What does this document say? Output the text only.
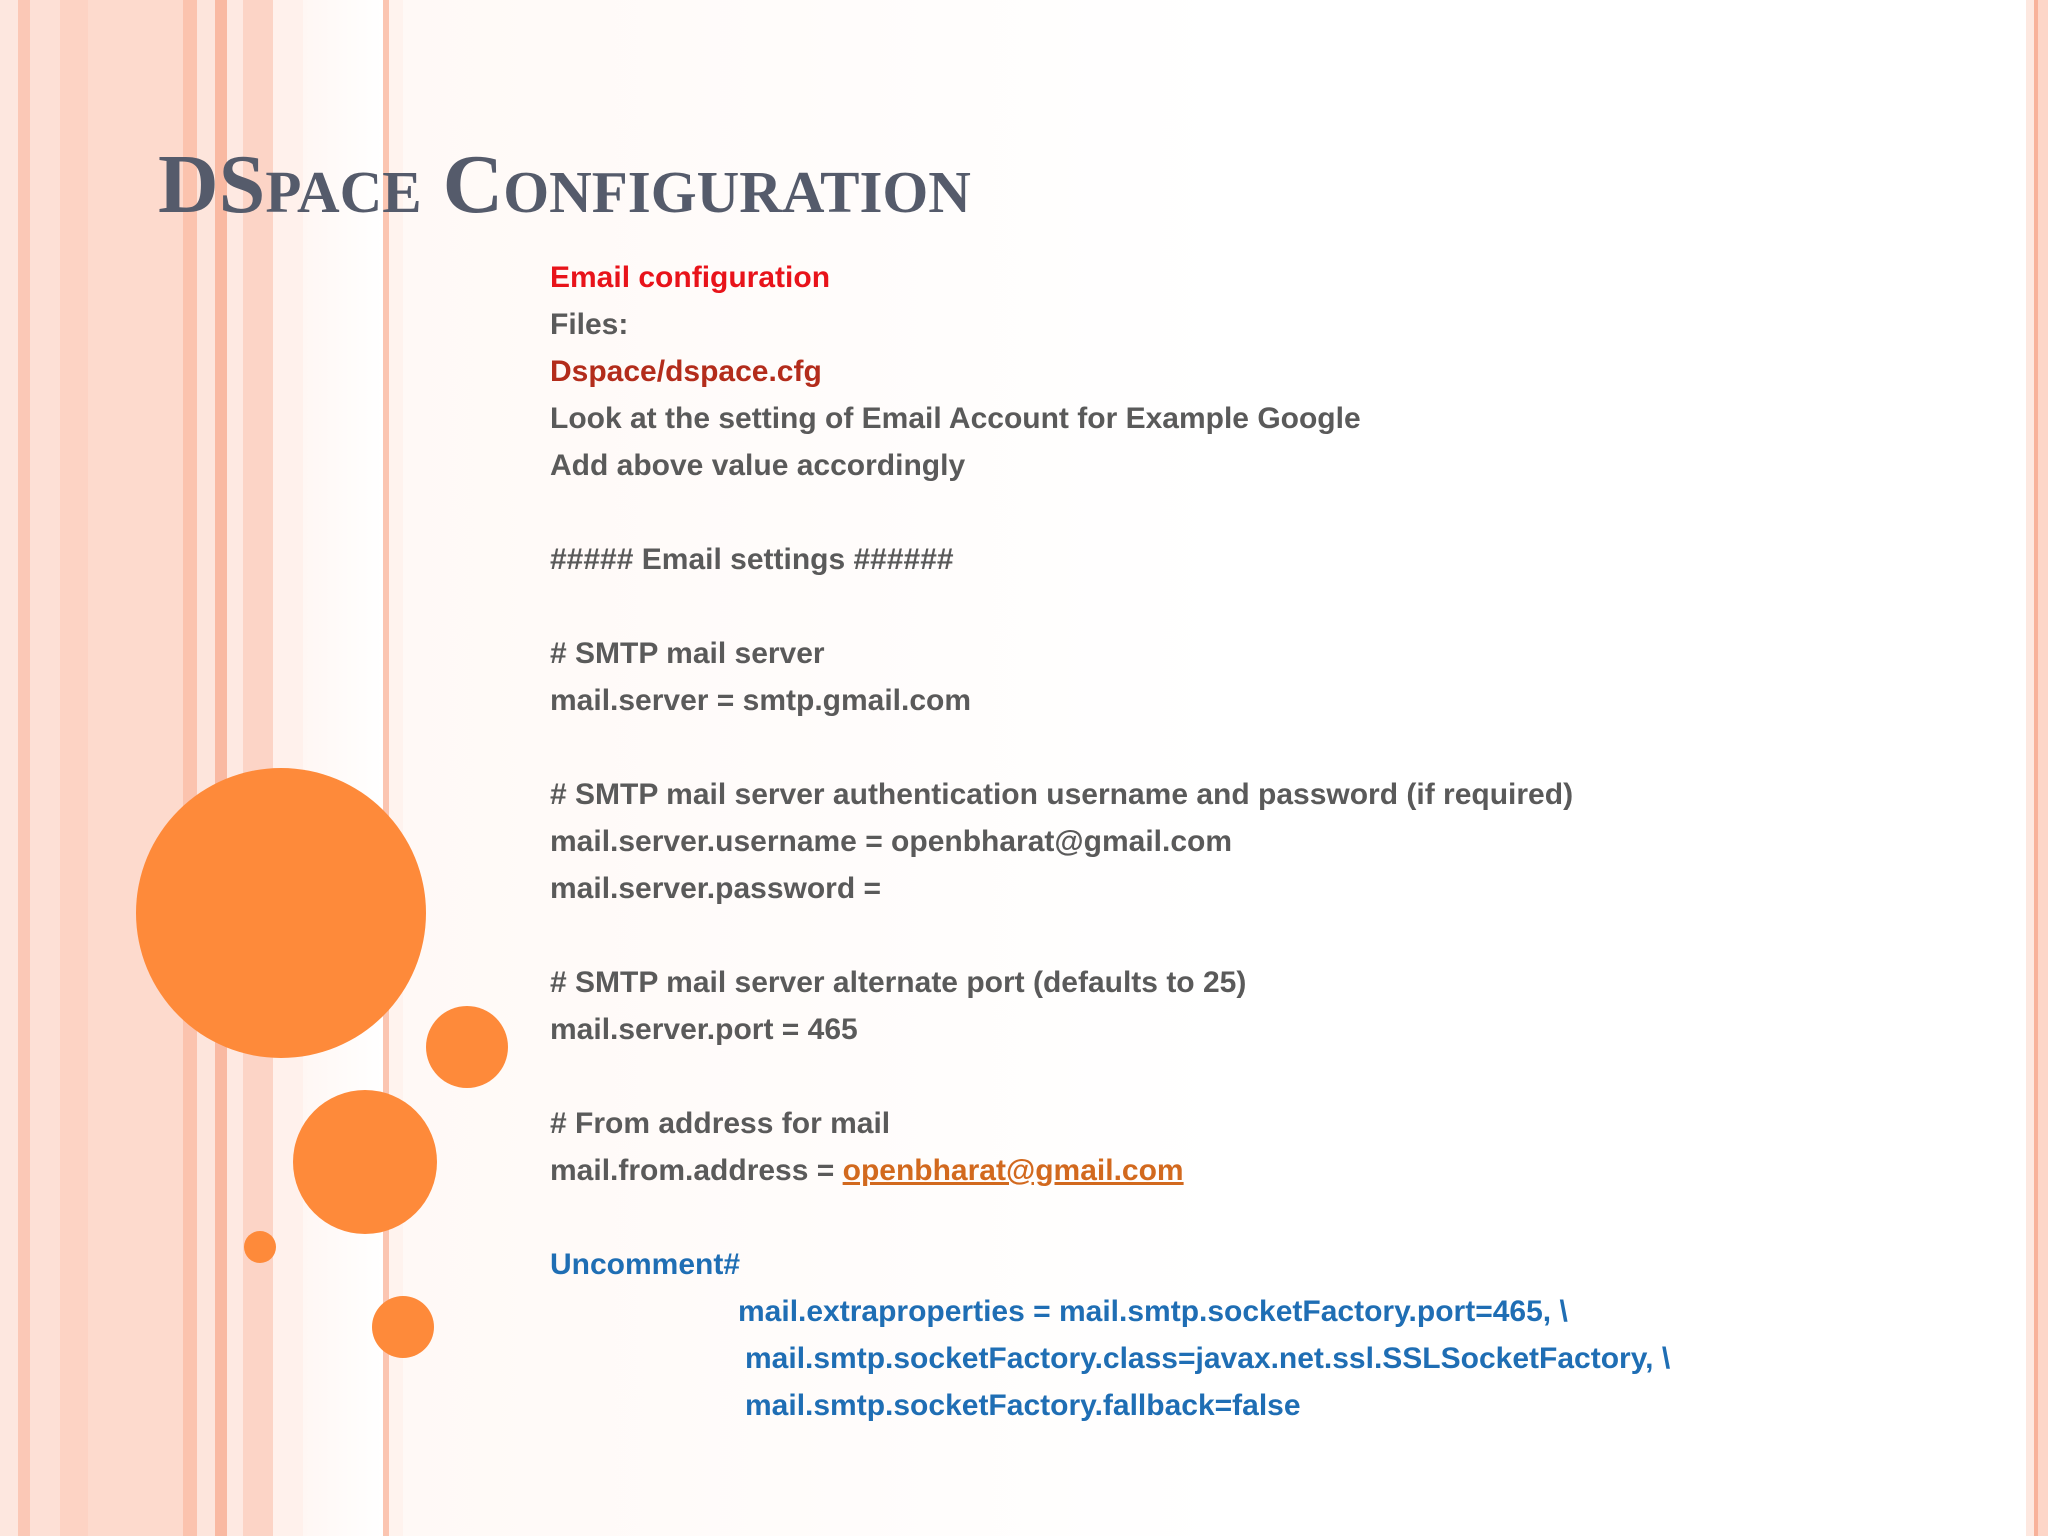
DSpace Configuration
Email configuration
Files:
Dspace/dspace.cfg
Look at the setting of Email Account for Example Google
Add above value accordingly
##### Email settings ######
# SMTP mail server
mail.server = smtp.gmail.com
# SMTP mail server authentication username and password (if required)
mail.server.username = openbharat@gmail.com
mail.server.password =
# SMTP mail server alternate port (defaults to 25)
mail.server.port = 465
# From address for mail
mail.from.address = openbharat@gmail.com
Uncomment#
mail.extraproperties = mail.smtp.socketFactory.port=465, \
mail.smtp.socketFactory.class=javax.net.ssl.SSLSocketFactory, \
mail.smtp.socketFactory.fallback=false
